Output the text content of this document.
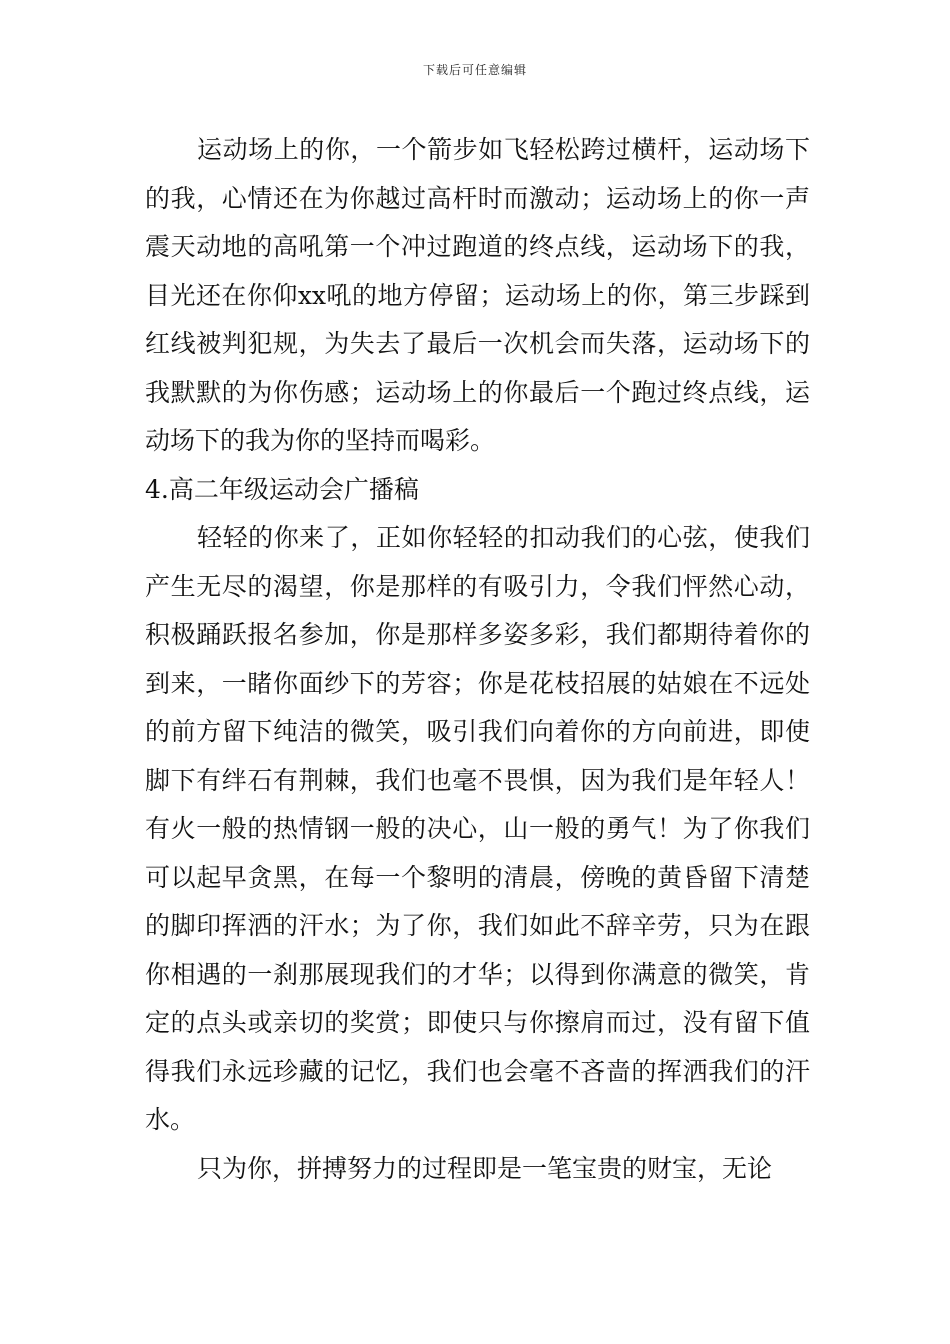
下载后可任意编辑

运动场上的你，一个箭步如飞轻松跨过横杆，运动场下的我，心情还在为你越过高杆时而激动；运动场上的你一声震天动地的高吼第一个冲过跑道的终点线，运动场下的我，目光还在你仰xx吼的地方停留；运动场上的你，第三步踩到红线被判犯规，为失去了最后一次机会而失落，运动场下的我默默的为你伤感；运动场上的你最后一个跑过终点线，运动场下的我为你的坚持而喝彩。

4.高二年级运动会广播稿

轻轻的你来了，正如你轻轻的扣动我们的心弦，使我们产生无尽的渴望，你是那样的有吸引力，令我们怦然心动，积极踊跃报名参加，你是那样多姿多彩，我们都期待着你的到来，一睹你面纱下的芳容；你是花枝招展的姑娘在不远处的前方留下纯洁的微笑，吸引我们向着你的方向前进，即使脚下有绊石有荆棘，我们也毫不畏惧，因为我们是年轻人！有火一般的热情钢一般的决心，山一般的勇气！为了你我们可以起早贪黑，在每一个黎明的清晨，傍晚的黄昏留下清楚的脚印挥洒的汗水；为了你，我们如此不辞辛劳，只为在跟你相遇的一刹那展现我们的才华；以得到你满意的微笑，肯定的点头或亲切的奖赏；即使只与你擦肩而过，没有留下值得我们永远珍藏的记忆，我们也会毫不吝啬的挥洒我们的汗水。

只为你，拼搏努力的过程即是一笔宝贵的财宝，无论
